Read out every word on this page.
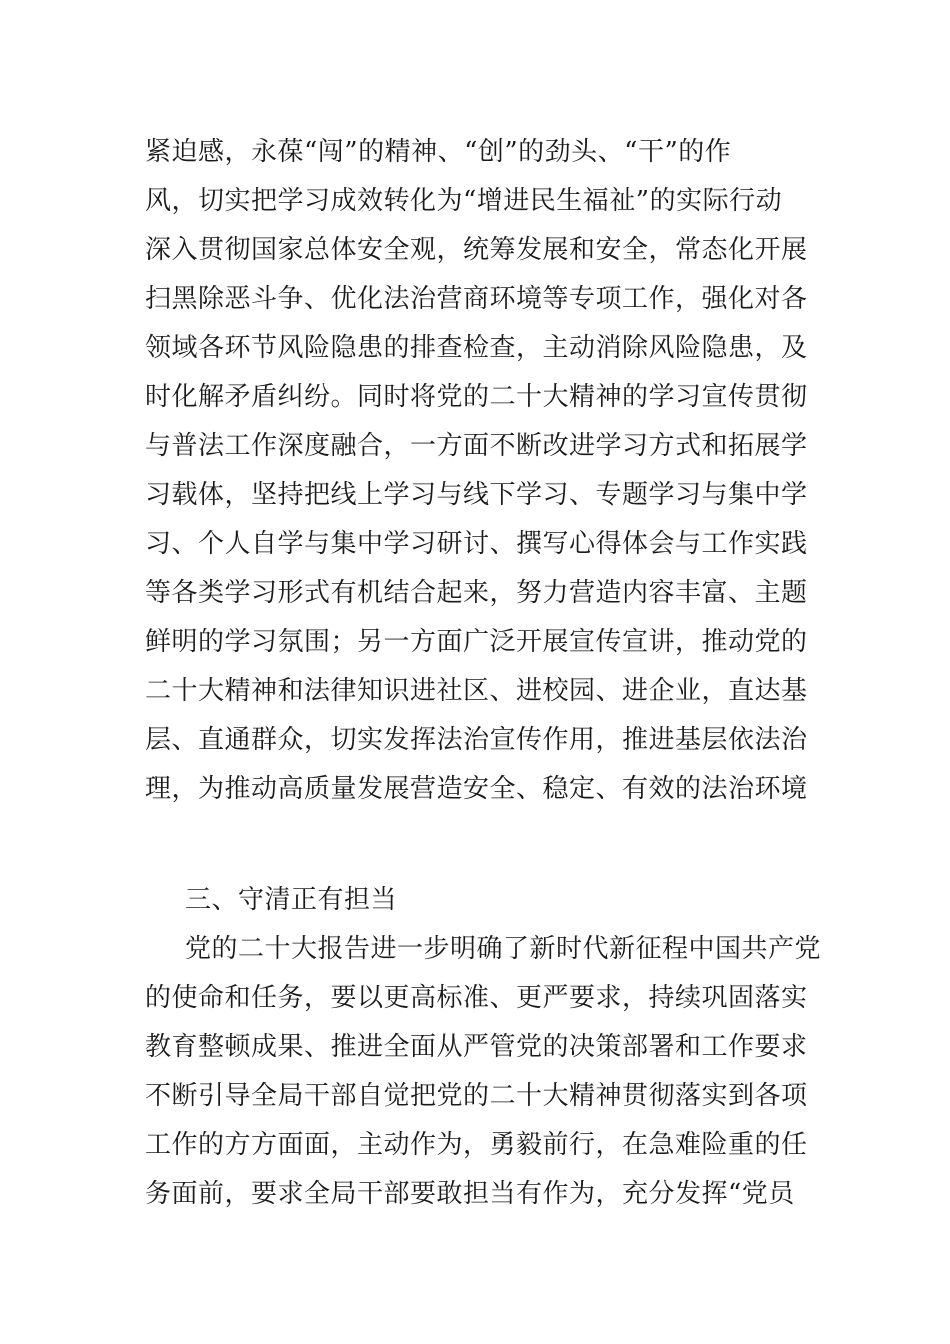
紧迫感，永葆“闯”的精神、“创”的劲头、“干”的作
风，切实把学习成效转化为“增进民生福祉”的实际行动
深入贯彻国家总体安全观，统筹发展和安全，常态化开展
扫黑除恶斗争、优化法治营商环境等专项工作，强化对各
领域各环节风险隐患的排查检查，主动消除风险隐患，及
时化解矛盾纠纷。同时将党的二十大精神的学习宣传贯彻
与普法工作深度融合，一方面不断改进学习方式和拓展学
习载体，坚持把线上学习与线下学习、专题学习与集中学
习、个人自学与集中学习研讨、撰写心得体会与工作实践
等各类学习形式有机结合起来，努力营造内容丰富、主题
鲜明的学习氛围；另一方面广泛开展宣传宣讲，推动党的
二十大精神和法律知识进社区、进校园、进企业，直达基
层、直通群众，切实发挥法治宣传作用，推进基层依法治
理，为推动高质量发展营造安全、稳定、有效的法治环境
三、守清正有担当
党的二十大报告进一步明确了新时代新征程中国共产党
的使命和任务，要以更高标准、更严要求，持续巩固落实
教育整顿成果、推进全面从严管党的决策部署和工作要求
不断引导全局干部自觉把党的二十大精神贯彻落实到各项
工作的方方面面，主动作为，勇毅前行，在急难险重的任
务面前，要求全局干部要敢担当有作为，充分发挥“党员
